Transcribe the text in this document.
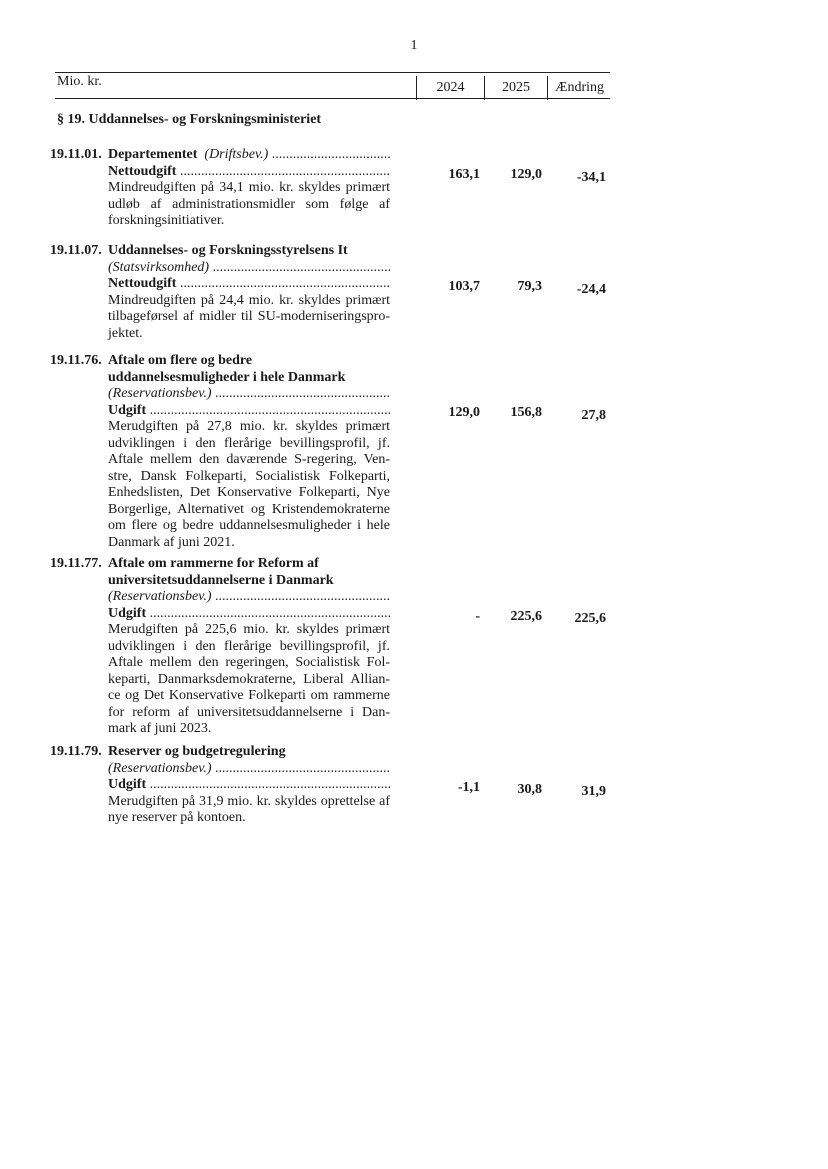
1
Mio. kr.	2024	2025	Ændring
§ 19. Uddannelses- og Forskningsministeriet
19.11.01. Departementet (Driftsbev.) .....
Nettoudgift .....
Mindreudgiften på 34,1 mio. kr. skyldes primært udløb af administrationsmidler som følge af forskningsinitiativer.
163,1	129,0	-34,1
19.11.07. Uddannelses- og Forskningsstyrelsens It
(Statsvirksomhed) .....
Nettoudgift .....
Mindreudgiften på 24,4 mio. kr. skyldes primært tilbageførsel af midler til SU-moderniseringspro-jektet.
103,7	79,3	-24,4
19.11.76. Aftale om flere og bedre uddannelsesmuligheder i hele Danmark
(Reservationsbev.) .....
Udgift .....
Merudgiften på 27,8 mio. kr. skyldes primært udviklingen i den flerårige bevillingsprofil, jf. Aftale mellem den daværende S-regering, Ven-stre, Dansk Folkeparti, Socialistisk Folkeparti, Enhedslisten, Det Konservative Folkeparti, Nye Borgerlige, Alternativet og Kristendemokraterne om flere og bedre uddannelsesmuligheder i hele Danmark af juni 2021.
129,0	156,8	27,8
19.11.77. Aftale om rammerne for Reform af universitetsuddannelserne i Danmark
(Reservationsbev.) .....
Udgift .....
Merudgiften på 225,6 mio. kr. skyldes primært udviklingen i den flerårige bevillingsprofil, jf. Aftale mellem den regeringen, Socialistisk Fol-keparti, Danmarksdemokraterne, Liberal Allian-ce og Det Konservative Folkeparti om rammerne for reform af universitetsuddannelserne i Dan-mark af juni 2023.
-	225,6	225,6
19.11.79. Reserver og budgetregulering
(Reservationsbev.) .....
Udgift .....
Merudgiften på 31,9 mio. kr. skyldes oprettelse af nye reserver på kontoen.
-1,1	30,8	31,9
